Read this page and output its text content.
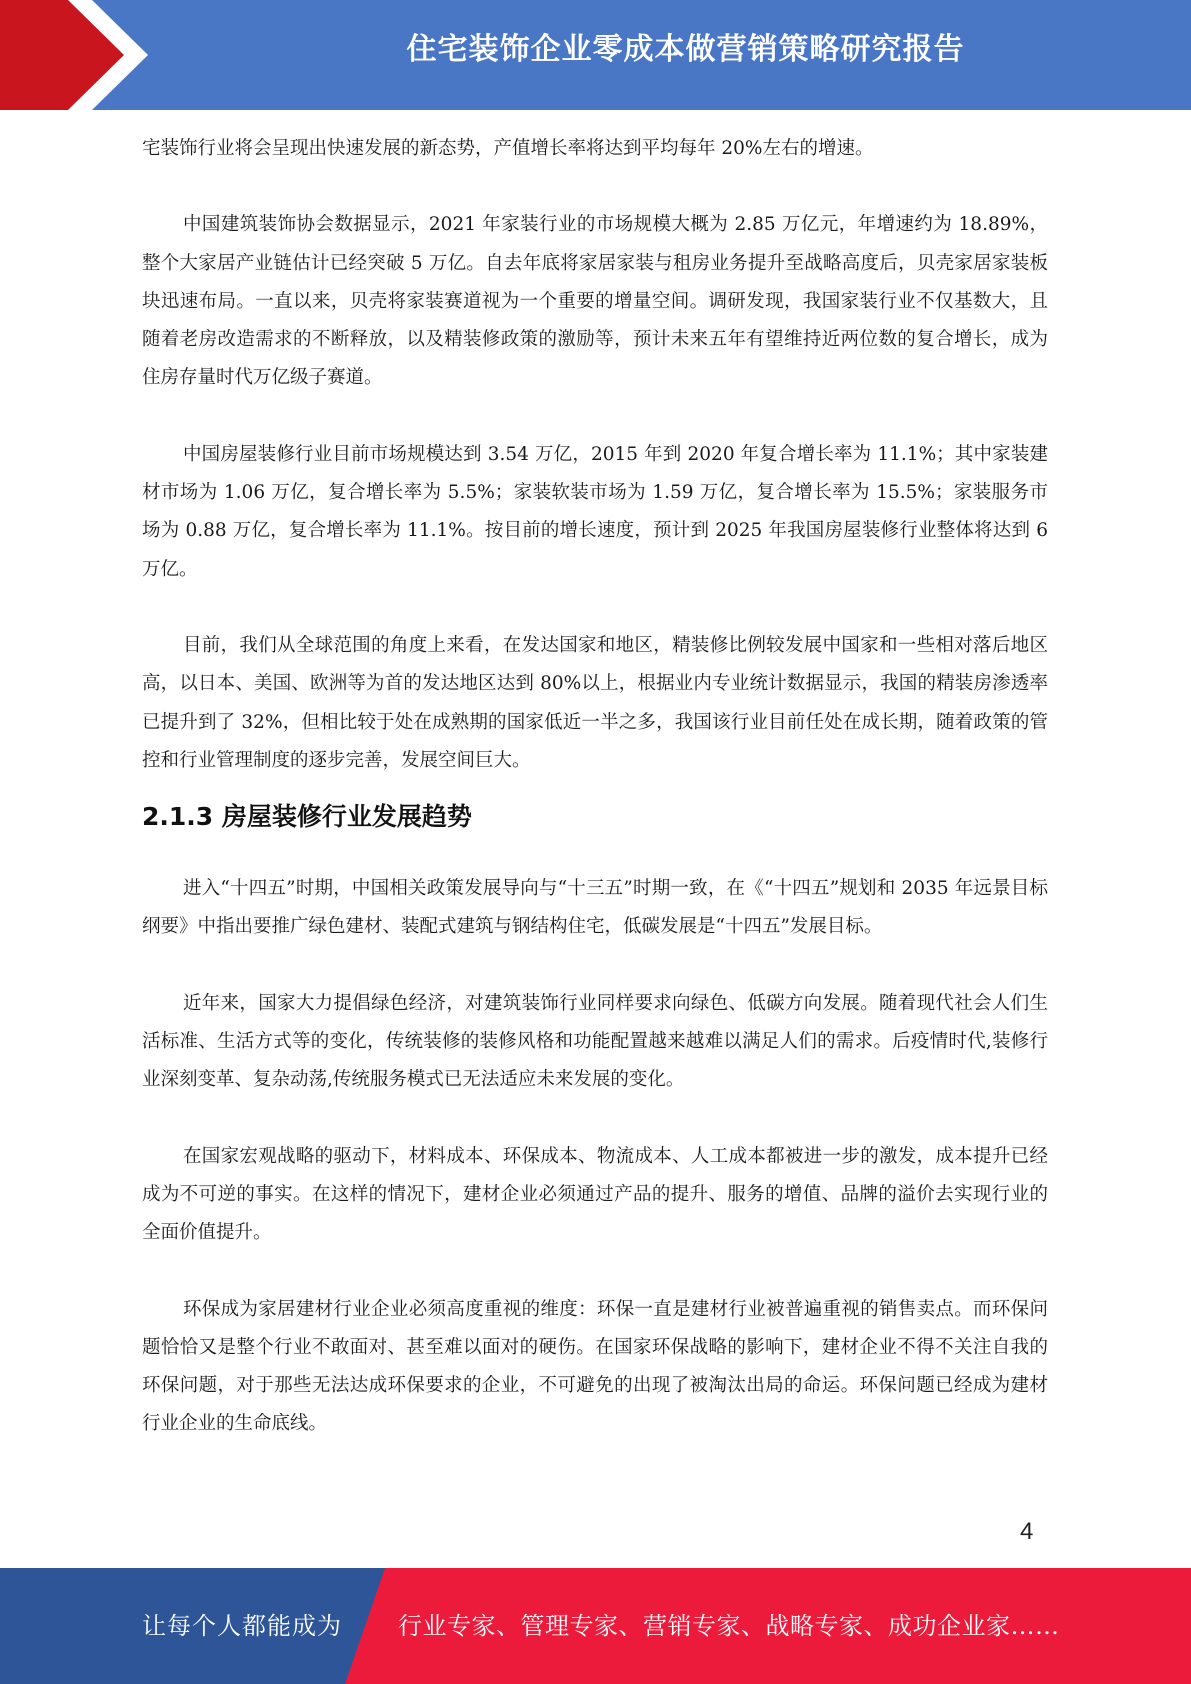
住宅装饰企业零成本做营销策略研究报告

宅装饰行业将会呈现出快速发展的新态势，产值增长率将达到平均每年 20%左右的增速。

中国建筑装饰协会数据显示，2021 年家装行业的市场规模大概为 2.85 万亿元，年增速约为 18.89%，整个大家居产业链估计已经突破 5 万亿。自去年底将家居家装与租房业务提升至战略高度后，贝壳家居家装板块迅速布局。一直以来，贝壳将家装赛道视为一个重要的增量空间。调研发现，我国家装行业不仅基数大，且随着老房改造需求的不断释放，以及精装修政策的激励等，预计未来五年有望维持近两位数的复合增长，成为住房存量时代万亿级子赛道。

中国房屋装修行业目前市场规模达到 3.54 万亿，2015 年到 2020 年复合增长率为 11.1%；其中家装建材市场为 1.06 万亿，复合增长率为 5.5%；家装软装市场为 1.59 万亿，复合增长率为 15.5%；家装服务市场为 0.88 万亿，复合增长率为 11.1%。按目前的增长速度，预计到 2025 年我国房屋装修行业整体将达到 6 万亿。

目前，我们从全球范围的角度上来看，在发达国家和地区，精装修比例较发展中国家和一些相对落后地区高，以日本、美国、欧洲等为首的发达地区达到 80%以上，根据业内专业统计数据显示，我国的精装房渗透率已提升到了 32%，但相比较于处在成熟期的国家低近一半之多，我国该行业目前任处在成长期，随着政策的管控和行业管理制度的逐步完善，发展空间巨大。

2.1.3 房屋装修行业发展趋势

进入“十四五”时期，中国相关政策发展导向与“十三五”时期一致，在《“十四五”规划和 2035 年远景目标纲要》中指出要推广绿色建材、装配式建筑与钢结构住宅，低碳发展是“十四五”发展目标。

近年来，国家大力提倡绿色经济，对建筑装饰行业同样要求向绿色、低碳方向发展。随着现代社会人们生活标准、生活方式等的变化，传统装修的装修风格和功能配置越来越难以满足人们的需求。后疫情时代,装修行业深刻变革、复杂动荡,传统服务模式已无法适应未来发展的变化。

在国家宏观战略的驱动下，材料成本、环保成本、物流成本、人工成本都被进一步的激发，成本提升已经成为不可逆的事实。在这样的情况下，建材企业必须通过产品的提升、服务的增值、品牌的溢价去实现行业的全面价值提升。

环保成为家居建材行业企业必须高度重视的维度：环保一直是建材行业被普遍重视的销售卖点。而环保问题恰恰又是整个行业不敢面对、甚至难以面对的硬伤。在国家环保战略的影响下，建材企业不得不关注自我的环保问题，对于那些无法达成环保要求的企业，不可避免的出现了被淘汰出局的命运。环保问题已经成为建材行业企业的生命底线。

4
让每个人都能成为 行业专家、管理专家、营销专家、战略专家、成功企业家……
